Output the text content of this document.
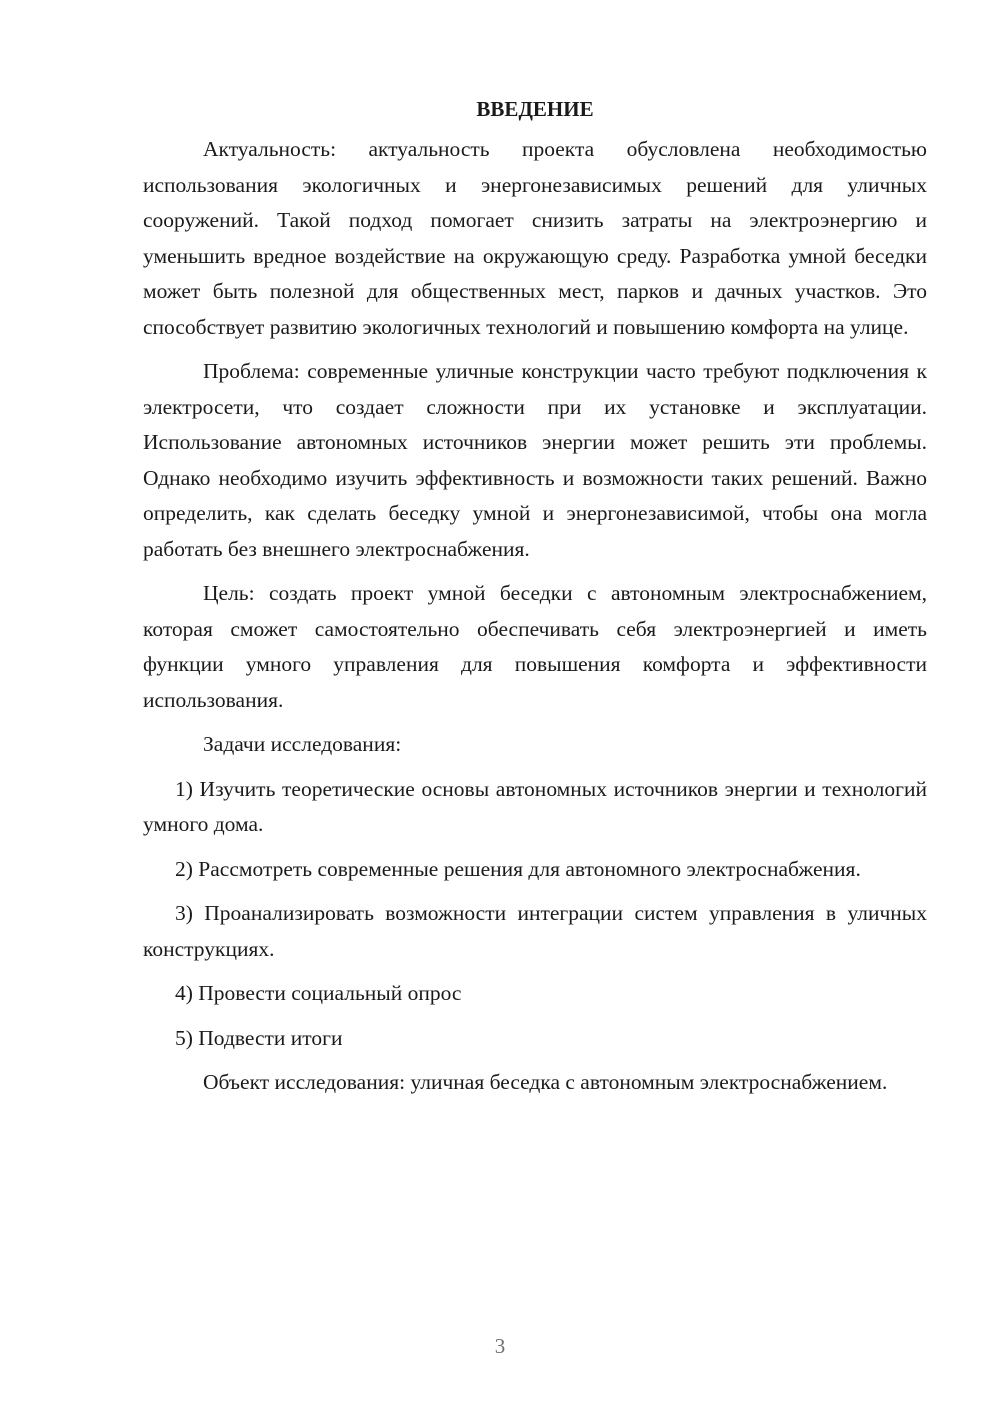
ВВЕДЕНИЕ

Актуальность: актуальность проекта обусловлена необходимостью использования экологичных и энергонезависимых решений для уличных сооружений. Такой подход помогает снизить затраты на электроэнергию и уменьшить вредное воздействие на окружающую среду. Разработка умной беседки может быть полезной для общественных мест, парков и дачных участков. Это способствует развитию экологичных технологий и повышению комфорта на улице.

Проблема: современные уличные конструкции часто требуют подключения к электросети, что создает сложности при их установке и эксплуатации. Использование автономных источников энергии может решить эти проблемы. Однако необходимо изучить эффективность и возможности таких решений. Важно определить, как сделать беседку умной и энергонезависимой, чтобы она могла работать без внешнего электроснабжения.

Цель: создать проект умной беседки с автономным электроснабжением, которая сможет самостоятельно обеспечивать себя электроэнергией и иметь функции умного управления для повышения комфорта и эффективности использования.

Задачи исследования:

1) Изучить теоретические основы автономных источников энергии и технологий умного дома.

2) Рассмотреть современные решения для автономного электроснабжения.

3) Проанализировать возможности интеграции систем управления в уличных конструкциях.

4) Провести социальный опрос

5) Подвести итоги

Объект исследования: уличная беседка с автономным электроснабжением.

3
